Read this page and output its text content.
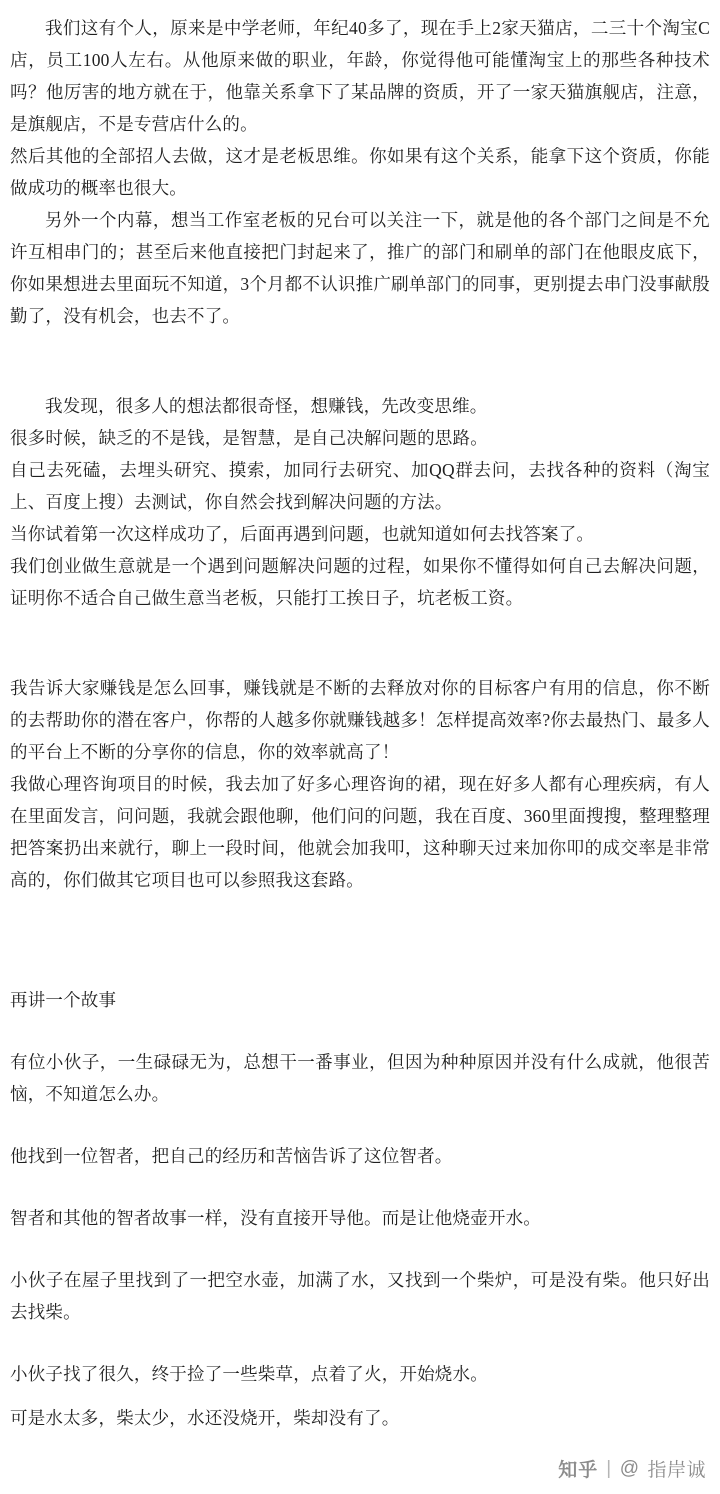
我们这有个人，原来是中学老师，年纪40多了，现在手上2家天猫店，二三十个淘宝C店，员工100人左右。从他原来做的职业，年龄，你觉得他可能懂淘宝上的那些各种技术吗？他厉害的地方就在于，他靠关系拿下了某品牌的资质，开了一家天猫旗舰店，注意，是旗舰店，不是专营店什么的。

然后其他的全部招人去做，这才是老板思维。你如果有这个关系，能拿下这个资质，你能做成功的概率也很大。

另外一个内幕，想当工作室老板的兄台可以关注一下，就是他的各个部门之间是不允许互相串门的；甚至后来他直接把门封起来了，推广的部门和刷单的部门在他眼皮底下，你如果想进去里面玩不知道，3个月都不认识推广刷单部门的同事，更别提去串门没事献殷勤了，没有机会，也去不了。

我发现，很多人的想法都很奇怪，想赚钱，先改变思维。

很多时候，缺乏的不是钱，是智慧，是自己决解问题的思路。

自己去死磕，去埋头研究、摸索，加同行去研究、加QQ群去问，去找各种的资料（淘宝上、百度上搜）去测试，你自然会找到解决问题的方法。

当你试着第一次这样成功了，后面再遇到问题，也就知道如何去找答案了。

我们创业做生意就是一个遇到问题解决问题的过程，如果你不懂得如何自己去解决问题，证明你不适合自己做生意当老板，只能打工挨日子，坑老板工资。

我告诉大家赚钱是怎么回事，赚钱就是不断的去释放对你的目标客户有用的信息，你不断的去帮助你的潜在客户，你帮的人越多你就赚钱越多！怎样提高效率?你去最热门、最多人的平台上不断的分享你的信息，你的效率就高了！

我做心理咨询项目的时候，我去加了好多心理咨询的裙，现在好多人都有心理疾病，有人在里面发言，问问题，我就会跟他聊，他们问的问题，我在百度、360里面搜搜，整理整理把答案扔出来就行，聊上一段时间，他就会加我叩，这种聊天过来加你叩的成交率是非常高的，你们做其它项目也可以参照我这套路。

再讲一个故事

有位小伙子，一生碌碌无为，总想干一番事业，但因为种种原因并没有什么成就，他很苦恼，不知道怎么办。

他找到一位智者，把自己的经历和苦恼告诉了这位智者。

智者和其他的智者故事一样，没有直接开导他。而是让他烧壶开水。

小伙子在屋子里找到了一把空水壶，加满了水，又找到一个柴炉，可是没有柴。他只好出去找柴。

小伙子找了很久，终于捡了一些柴草，点着了火，开始烧水。

可是水太多，柴太少，水还没烧开，柴却没有了。

知乎 | @ 指岸诚
